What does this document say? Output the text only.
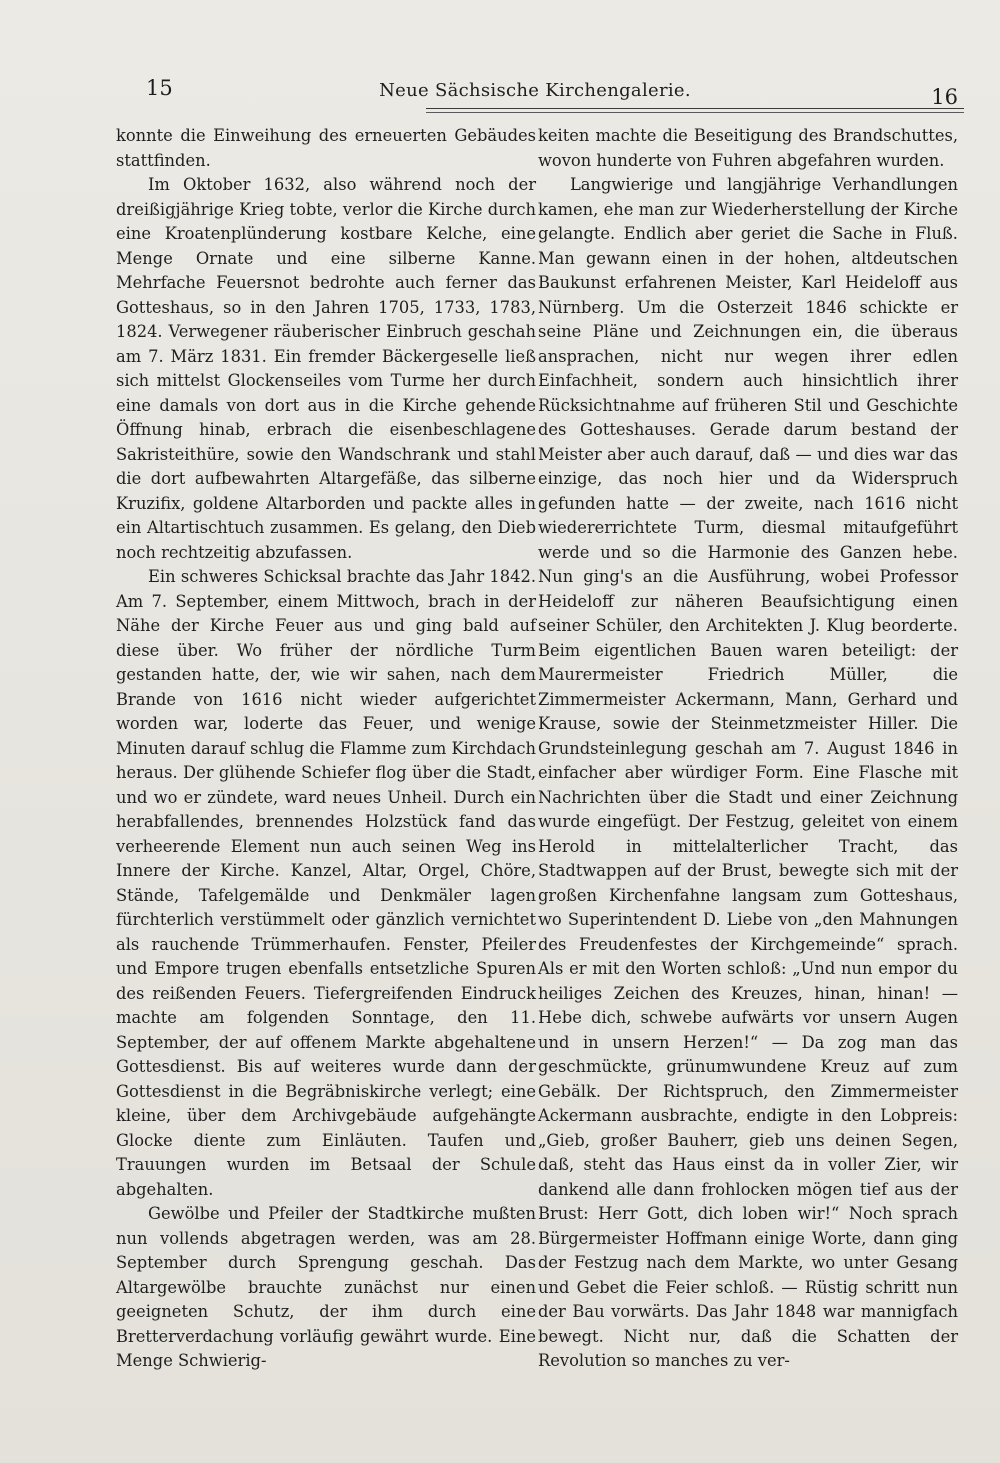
15	Neue Sächsische Kirchengalerie.	16

konnte die Einweihung des erneuerten Gebäudes stattfinden.

Im Oktober 1632, also während noch der dreißigjährige Krieg tobte, verlor die Kirche durch eine Kroatenplünderung kostbare Kelche, eine Menge Ornate und eine silberne Kanne. Mehrfache Feuersnot bedrohte auch ferner das Gotteshaus, so in den Jahren 1705, 1733, 1783, 1824. Verwegener räuberischer Einbruch geschah am 7. März 1831. Ein fremder Bäckergeselle ließ sich mittelst Glockenseiles vom Turme her durch eine damals von dort aus in die Kirche gehende Öffnung hinab, erbrach die eisenbeschlagene Sakristeithüre, sowie den Wandschrank und stahl die dort aufbewahrten Altargefäße, das silberne Kruzifix, goldene Altarborden und packte alles in ein Altartischtuch zusammen. Es gelang, den Dieb noch rechtzeitig abzufassen.

Ein schweres Schicksal brachte das Jahr 1842. Am 7. September, einem Mittwoch, brach in der Nähe der Kirche Feuer aus und ging bald auf diese über. Wo früher der nördliche Turm gestanden hatte, der, wie wir sahen, nach dem Brande von 1616 nicht wieder aufgerichtet worden war, loderte das Feuer, und wenige Minuten darauf schlug die Flamme zum Kirchdach heraus. Der glühende Schiefer flog über die Stadt, und wo er zündete, ward neues Unheil. Durch ein herabfallendes, brennendes Holzstück fand das verheerende Element nun auch seinen Weg ins Innere der Kirche. Kanzel, Altar, Orgel, Chöre, Stände, Tafelgemälde und Denkmäler lagen fürchterlich verstümmelt oder gänzlich vernichtet als rauchende Trümmerhaufen. Fenster, Pfeiler und Empore trugen ebenfalls entsetzliche Spuren des reißenden Feuers. Tiefergreifenden Eindruck machte am folgenden Sonntage, den 11. September, der auf offenem Markte abgehaltene Gottesdienst. Bis auf weiteres wurde dann der Gottesdienst in die Begräbniskirche verlegt; eine kleine, über dem Archivgebäude aufgehängte Glocke diente zum Einläuten. Taufen und Trauungen wurden im Betsaal der Schule abgehalten.

Gewölbe und Pfeiler der Stadtkirche mußten nun vollends abgetragen werden, was am 28. September durch Sprengung geschah. Das Altargewölbe brauchte zunächst nur einen geeigneten Schutz, der ihm durch eine Bretterverdachung vorläufig gewährt wurde. Eine Menge Schwierig-

keiten machte die Beseitigung des Brandschuttes, wovon hunderte von Fuhren abgefahren wurden.

Langwierige und langjährige Verhandlungen kamen, ehe man zur Wiederherstellung der Kirche gelangte. Endlich aber geriet die Sache in Fluß. Man gewann einen in der hohen, altdeutschen Baukunst erfahrenen Meister, Karl Heideloff aus Nürnberg. Um die Osterzeit 1846 schickte er seine Pläne und Zeichnungen ein, die überaus ansprachen, nicht nur wegen ihrer edlen Einfachheit, sondern auch hinsichtlich ihrer Rücksichtnahme auf früheren Stil und Geschichte des Gotteshauses. Gerade darum bestand der Meister aber auch darauf, daß — und dies war das einzige, das noch hier und da Widerspruch gefunden hatte — der zweite, nach 1616 nicht wiedererrichtete Turm, diesmal mitaufgeführt werde und so die Harmonie des Ganzen hebe. Nun ging's an die Ausführung, wobei Professor Heideloff zur näheren Beaufsichtigung einen seiner Schüler, den Architekten J. Klug beorderte. Beim eigentlichen Bauen waren beteiligt: der Maurermeister Friedrich Müller, die Zimmermeister Ackermann, Mann, Gerhard und Krause, sowie der Steinmetzmeister Hiller. Die Grundsteinlegung geschah am 7. August 1846 in einfacher aber würdiger Form. Eine Flasche mit Nachrichten über die Stadt und einer Zeichnung wurde eingefügt. Der Festzug, geleitet von einem Herold in mittelalterlicher Tracht, das Stadtwappen auf der Brust, bewegte sich mit der großen Kirchenfahne langsam zum Gotteshaus, wo Superintendent D. Liebe von „den Mahnungen des Freudenfestes der Kirchgemeinde“ sprach. Als er mit den Worten schloß: „Und nun empor du heiliges Zeichen des Kreuzes, hinan, hinan! — Hebe dich, schwebe aufwärts vor unsern Augen und in unsern Herzen!“ — Da zog man das geschmückte, grünumwundene Kreuz auf zum Gebälk. Der Richtspruch, den Zimmermeister Ackermann ausbrachte, endigte in den Lobpreis: „Gieb, großer Bauherr, gieb uns deinen Segen, daß, steht das Haus einst da in voller Zier, wir dankend alle dann frohlocken mögen tief aus der Brust: Herr Gott, dich loben wir!“ Noch sprach Bürgermeister Hoffmann einige Worte, dann ging der Festzug nach dem Markte, wo unter Gesang und Gebet die Feier schloß. — Rüstig schritt nun der Bau vorwärts. Das Jahr 1848 war mannigfach bewegt. Nicht nur, daß die Schatten der Revolution so manches zu ver-
